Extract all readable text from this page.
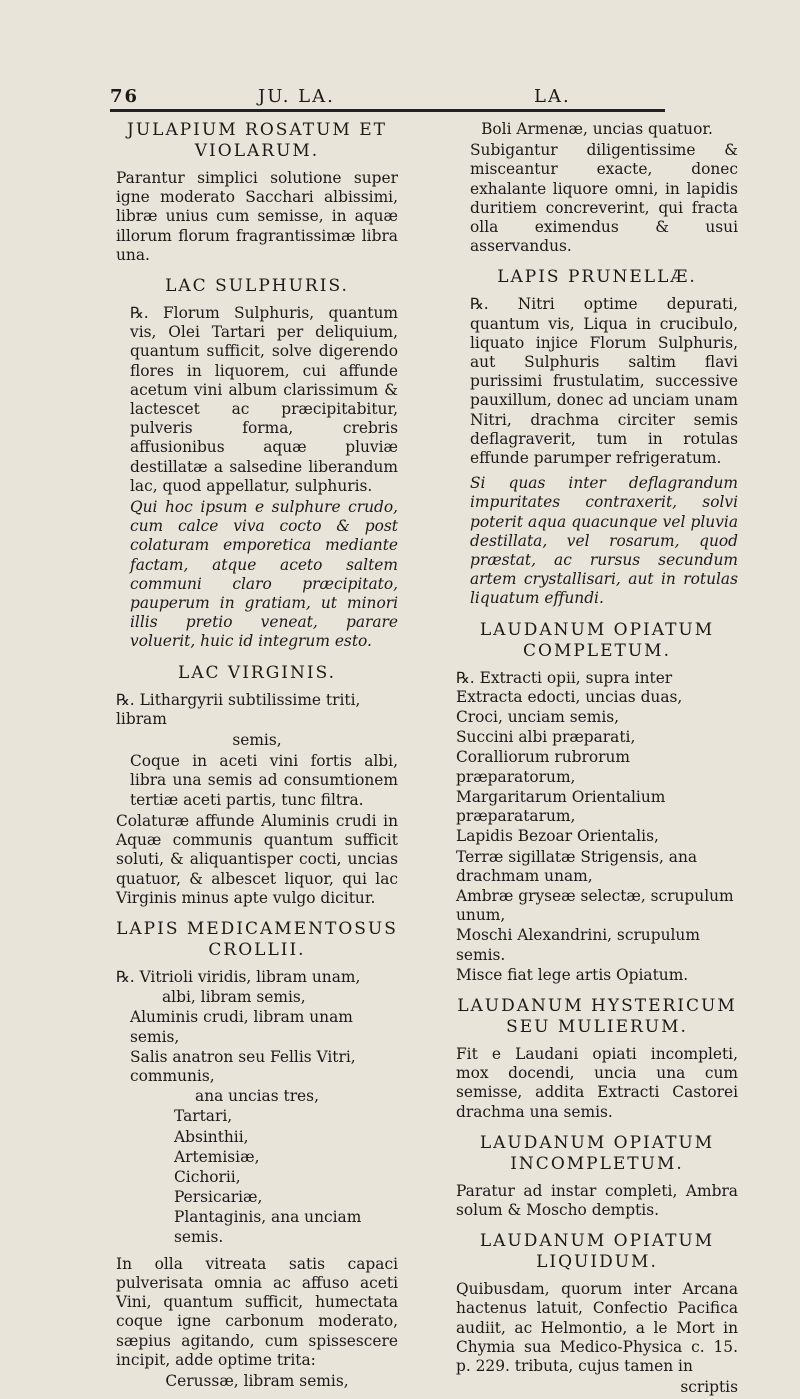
76	JU. LA.	LA.
JULAPIUM ROSATUM ET VIOLARUM.

Parantur simplici solutione super igne moderato Sacchari albissimi, libræ unius cum semisse, in aquæ illorum florum fragrantissimæ libra una.

LAC SULPHURIS.

℞. Florum Sulphuris, quantum vis, Olei Tartari per deliquium, quantum sufficit, solve digerendo flores in liquorem, cui affunde acetum vini album clarissimum & lactescet ac præcipitabitur, pulveris forma, crebris affusionibus aquæ pluviæ destillatæ a salsedine liberandum lac, quod appellatur, sulphuris.

Qui hoc ipsum e sulphure crudo, cum calce viva cocto & post colaturam emporetica mediante factam, atque aceto saltem communi claro præcipitato, pauperum in gratiam, ut minori illis pretio veneat, parare voluerit, huic id integrum esto.

LAC VIRGINIS.

℞. Lithargyrii subtilissime triti, libram

semis,

Coque in aceti vini fortis albi, libra una semis ad consumtionem tertiæ aceti partis, tunc filtra.

Colaturæ affunde Aluminis crudi in Aquæ communis quantum sufficit soluti, & aliquantisper cocti, uncias quatuor, & albescet liquor, qui lac Virginis minus apte vulgo dicitur.

LAPIS MEDICAMENTOSUS CROLLII.
℞. Vitrioli viridis, libram unam,
albi, libram semis,
Aluminis crudi, libram unam semis,
Salis anatron seu Fellis Vitri, communis,
ana uncias tres,
Tartari,
Absinthii,
Artemisiæ,
Cichorii,
Persicariæ,
Plantaginis, ana unciam semis.

In olla vitreata satis capaci pulverisata omnia ac affuso aceti Vini, quantum sufficit, humectata coque igne carbonum moderato, sæpius agitando, cum spissescere incipit, adde optime trita:

Cerussæ, libram semis,

Boli Armenæ, uncias quatuor.

Subigantur diligentissime & misceantur exacte, donec exhalante liquore omni, in lapidis duritiem concreverint, qui fracta olla eximendus & usui asservandus.

LAPIS PRUNELLÆ.

℞. Nitri optime depurati, quantum vis, Liqua in crucibulo, liquato injice Florum Sulphuris, aut Sulphuris saltim flavi purissimi frustulatim, successive pauxillum, donec ad unciam unam Nitri, drachma circiter semis deflagraverit, tum in rotulas effunde parumper refrigeratum.

Si quas inter deflagrandum impuritates contraxerit, solvi poterit aqua quacunque vel pluvia destillata, vel rosarum, quod præstat, ac rursus secundum artem crystallisari, aut in rotulas liquatum effundi.

LAUDANUM OPIATUM COMPLETUM.
℞. Extracti opii, supra inter Extracta edocti, uncias duas,
Croci, unciam semis,
Succini albi præparati,
Coralliorum rubrorum præparatorum,
Margaritarum Orientalium præparatarum,
Lapidis Bezoar Orientalis,
Terræ sigillatæ Strigensis, ana drachmam unam,
Ambræ gryseæ selectæ, scrupulum unum,
Moschi Alexandrini, scrupulum semis.
Misce fiat lege artis Opiatum.
LAUDANUM HYSTERICUM SEU MULIERUM.

Fit e Laudani opiati incompleti, mox docendi, uncia una cum semisse, addita Extracti Castorei drachma una semis.

LAUDANUM OPIATUM INCOMPLETUM.

Paratur ad instar completi, Ambra solum & Moscho demptis.

LAUDANUM OPIATUM LIQUIDUM.

Quibusdam, quorum inter Arcana hactenus latuit, Confectio Pacifica audiit, ac Helmontio, a le Mort in Chymia sua Medico-Physica c. 15. p. 229. tributa, cujus tamen in

scriptis
